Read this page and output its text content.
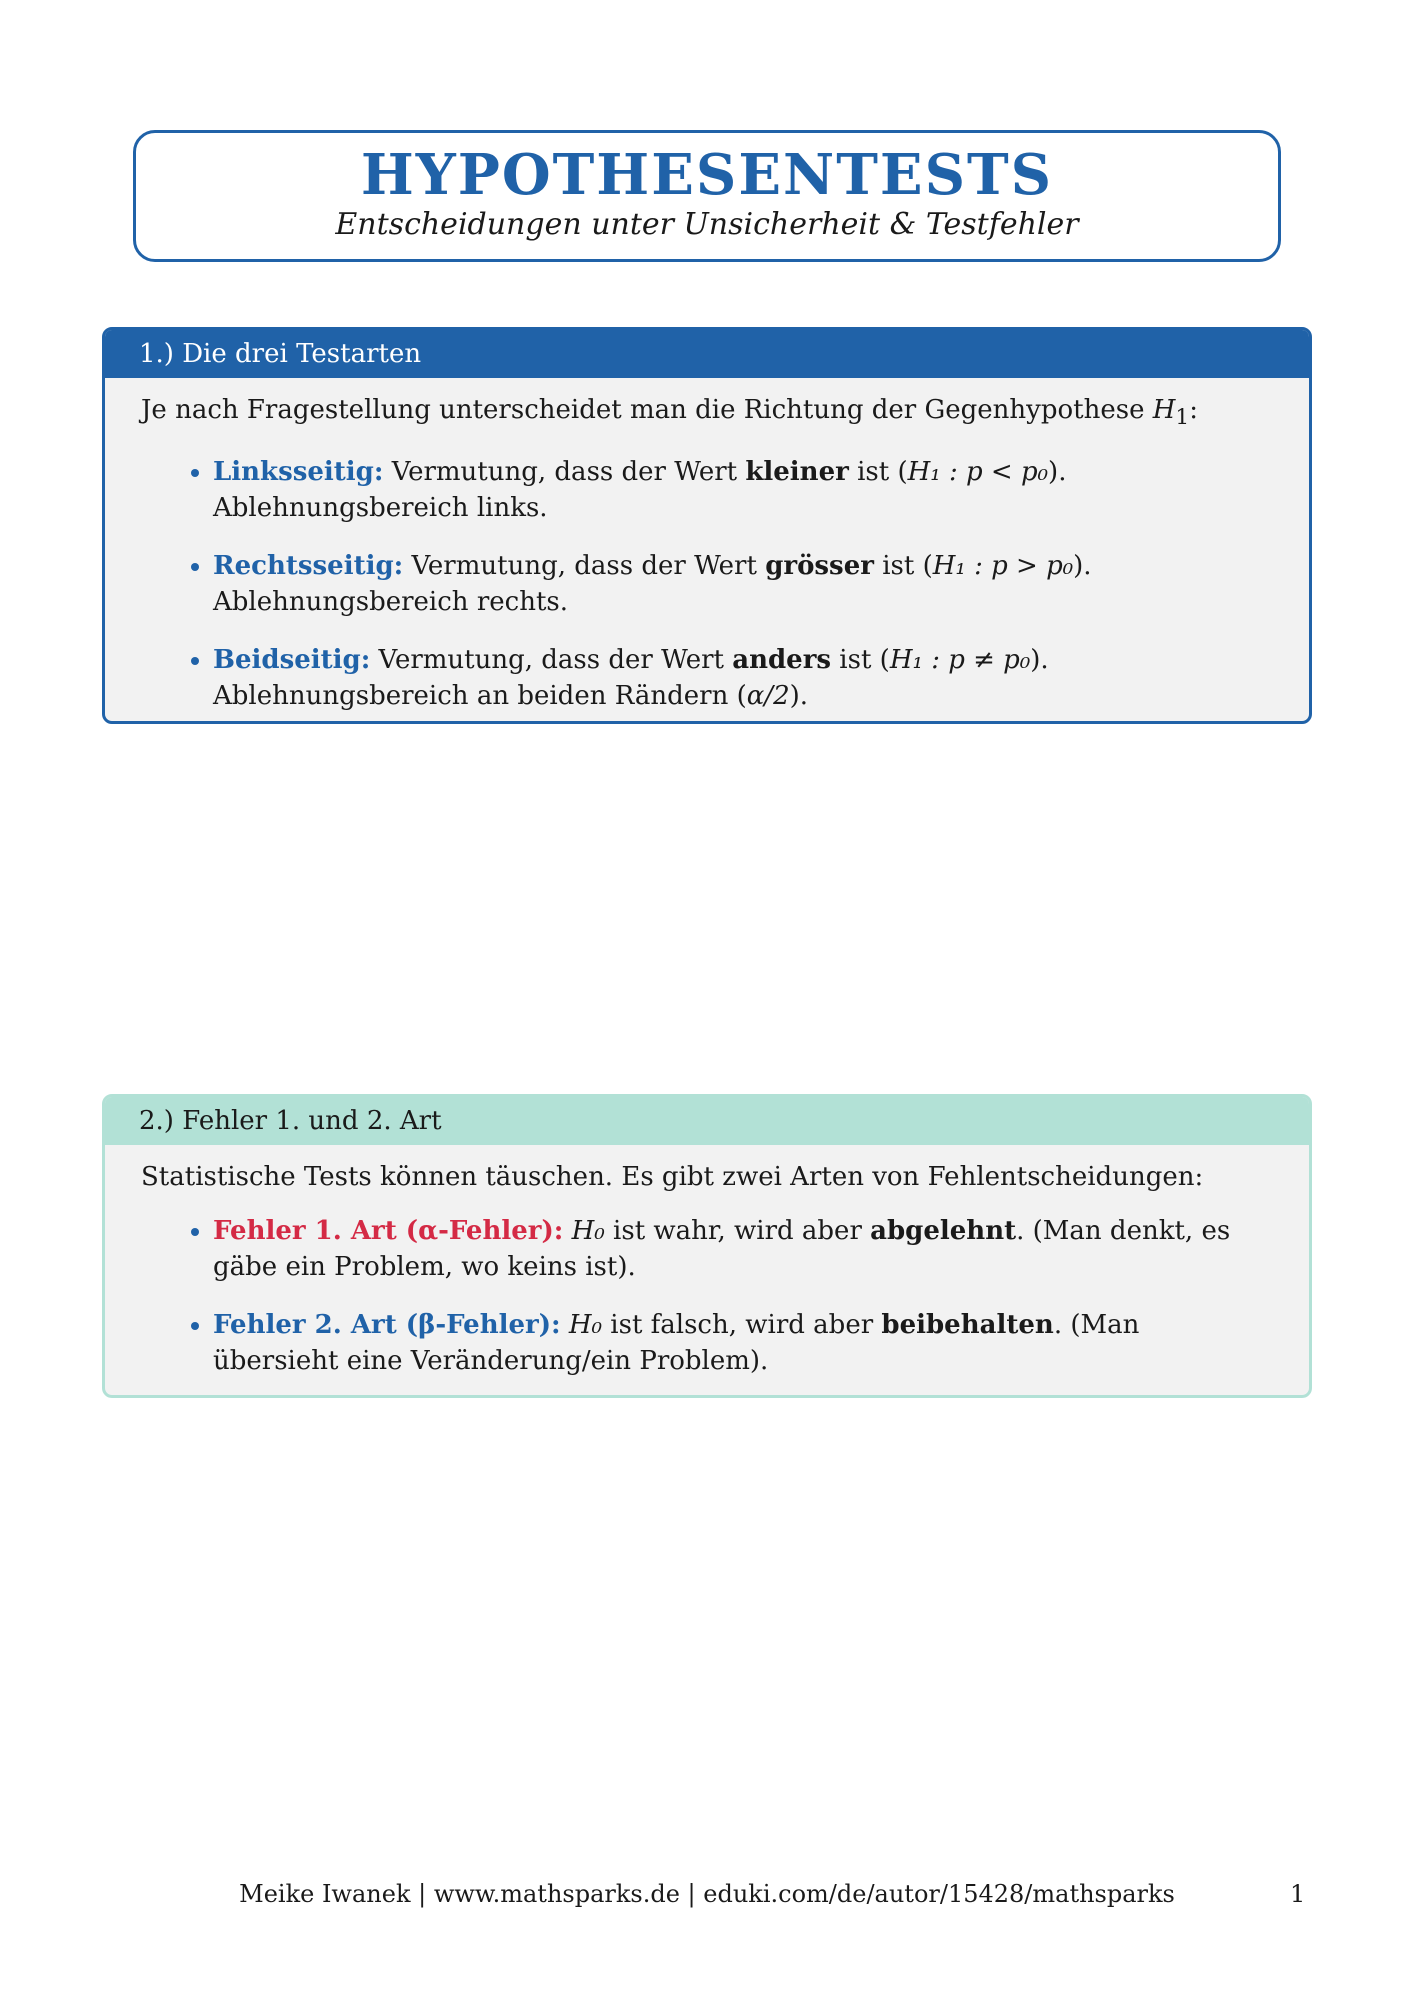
HYPOTHESENTESTS
Entscheidungen unter Unsicherheit & Testfehler
1.) Die drei Testarten
Je nach Fragestellung unterscheidet man die Richtung der Gegenhypothese $H_1$:
• Linksseitig: Vermutung, dass der Wert kleiner ist (H₁ : p < p₀). Ablehnungsbereich links.
• Rechtsseitig: Vermutung, dass der Wert grösser ist (H₁ : p > p₀). Ablehnungsbereich rechts.
• Beidseitig: Vermutung, dass der Wert anders ist (H₁ : p ≠ p₀). Ablehnungsbereich an beiden Rändern (α/2).
2.) Fehler 1. und 2. Art
Statistische Tests können täuschen. Es gibt zwei Arten von Fehlentscheidungen:
• Fehler 1. Art (α-Fehler): H₀ ist wahr, wird aber abgelehnt. (Man denkt, es gäbe ein Problem, wo keins ist).
• Fehler 2. Art (β-Fehler): H₀ ist falsch, wird aber beibehalten. (Man übersieht eine Veränderung/ein Problem).
Meike Iwanek | www.mathsparks.de | eduki.com/de/autor/15428/mathsparks	1
